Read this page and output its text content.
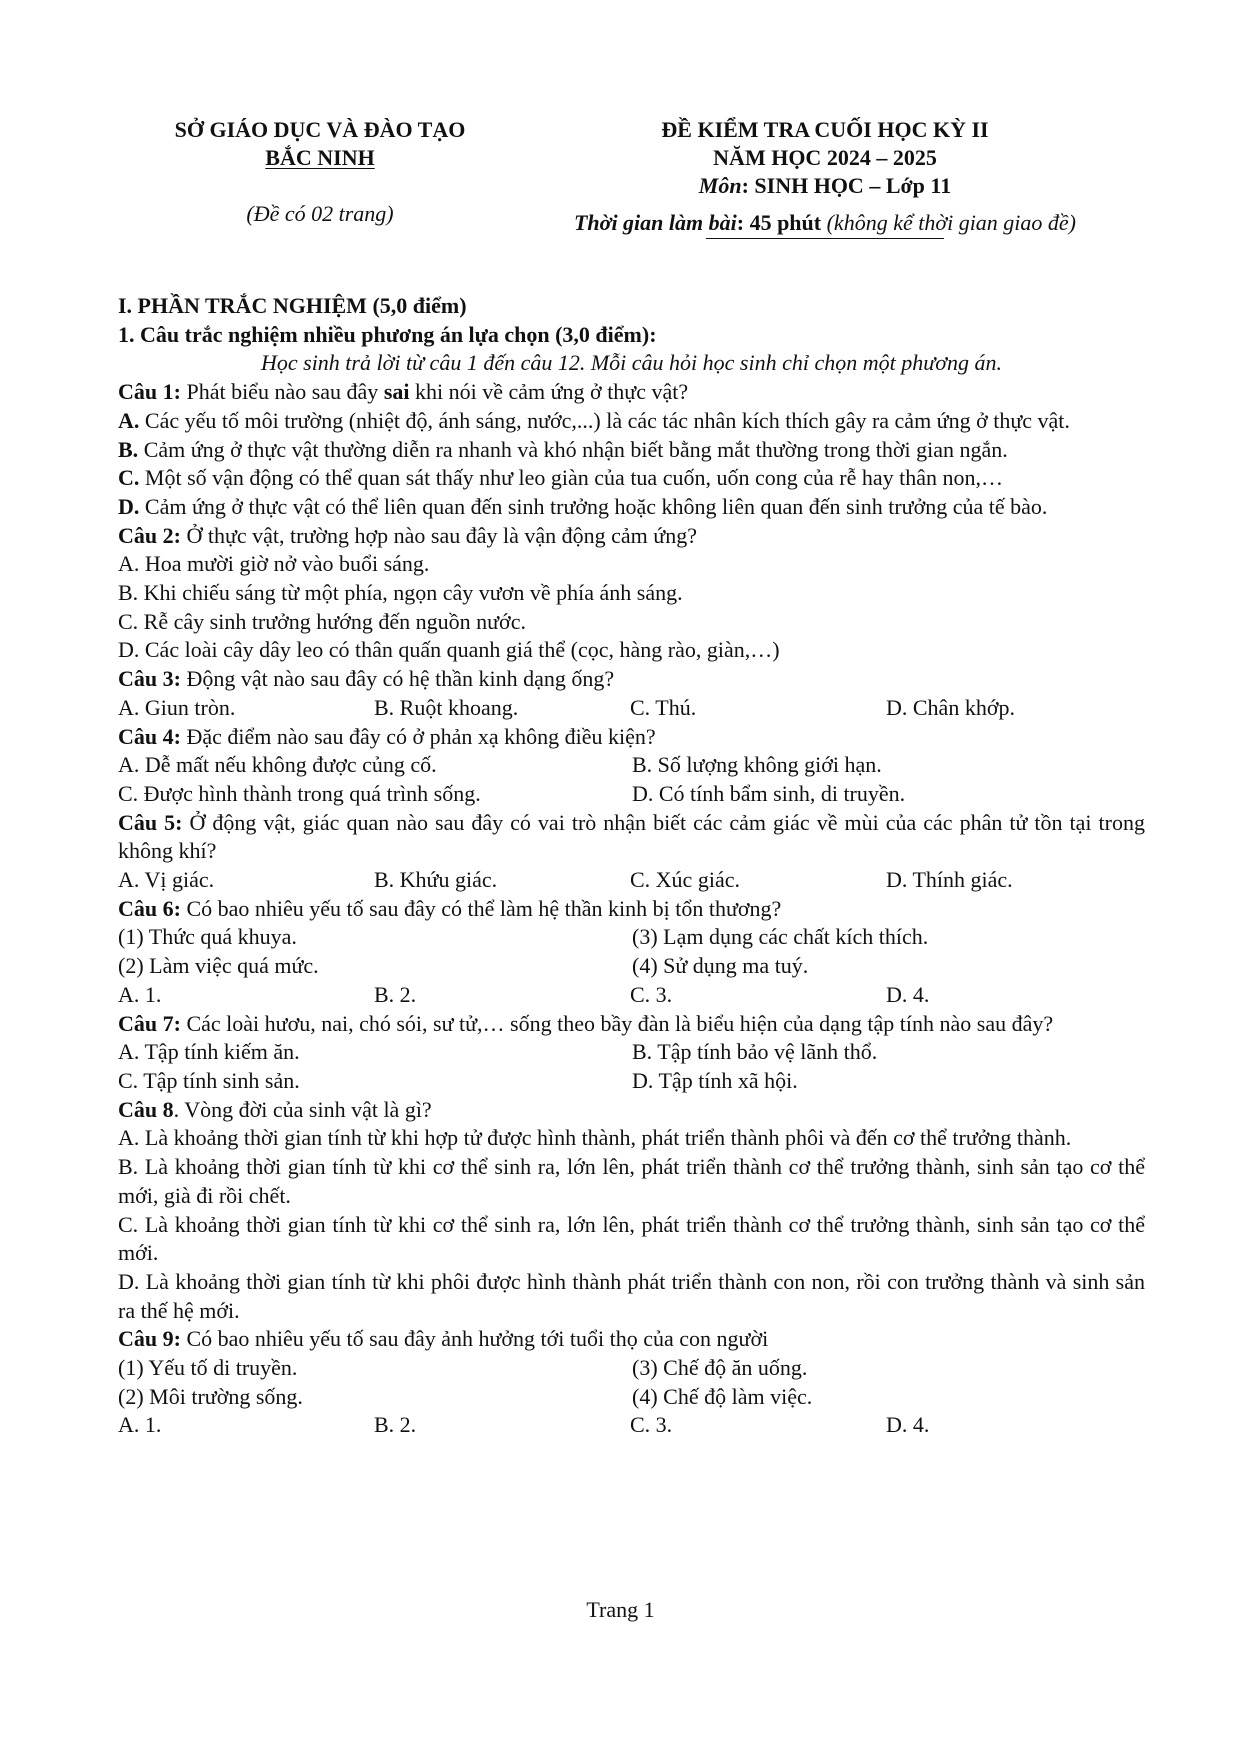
SỞ GIÁO DỤC VÀ ĐÀO TẠO
BẮC NINH
(Đề có 02 trang)
ĐỀ KIỂM TRA CUỐI HỌC KỲ II
NĂM HỌC 2024 – 2025
Môn: SINH HỌC – Lớp 11
Thời gian làm bài: 45 phút (không kể thời gian giao đề)
I. PHẦN TRẮC NGHIỆM (5,0 điểm)
1. Câu trắc nghiệm nhiều phương án lựa chọn (3,0 điểm):
Học sinh trả lời từ câu 1 đến câu 12. Mỗi câu hỏi học sinh chỉ chọn một phương án.
Câu 1: Phát biểu nào sau đây sai khi nói về cảm ứng ở thực vật?
A. Các yếu tố môi trường (nhiệt độ, ánh sáng, nước,...) là các tác nhân kích thích gây ra cảm ứng ở thực vật.
B. Cảm ứng ở thực vật thường diễn ra nhanh và khó nhận biết bằng mắt thường trong thời gian ngắn.
C. Một số vận động có thể quan sát thấy như leo giàn của tua cuốn, uốn cong của rễ hay thân non,…
D. Cảm ứng ở thực vật có thể liên quan đến sinh trưởng hoặc không liên quan đến sinh trưởng của tế bào.
Câu 2: Ở thực vật, trường hợp nào sau đây là vận động cảm ứng?
A. Hoa mười giờ nở vào buổi sáng.
B. Khi chiếu sáng từ một phía, ngọn cây vươn về phía ánh sáng.
C. Rễ cây sinh trưởng hướng đến nguồn nước.
D. Các loài cây dây leo có thân quấn quanh giá thể (cọc, hàng rào, giàn,…)
Câu 3: Động vật nào sau đây có hệ thần kinh dạng ống?
A. Giun tròn.	B. Ruột khoang.	C. Thú.	D. Chân khớp.
Câu 4: Đặc điểm nào sau đây có ở phản xạ không điều kiện?
A. Dễ mất nếu không được củng cố.	B. Số lượng không giới hạn.
C. Được hình thành trong quá trình sống.	D. Có tính bẩm sinh, di truyền.
Câu 5: Ở động vật, giác quan nào sau đây có vai trò nhận biết các cảm giác về mùi của các phân tử tồn tại trong không khí?
A. Vị giác.	B. Khứu giác.	C. Xúc giác.	D. Thính giác.
Câu 6: Có bao nhiêu yếu tố sau đây có thể làm hệ thần kinh bị tổn thương?
(1) Thức quá khuya.	(3) Lạm dụng các chất kích thích.
(2) Làm việc quá mức.	(4) Sử dụng ma tuý.
A. 1.	B. 2.	C. 3.	D. 4.
Câu 7: Các loài hươu, nai, chó sói, sư tử,… sống theo bầy đàn là biểu hiện của dạng tập tính nào sau đây?
A. Tập tính kiếm ăn.	B. Tập tính bảo vệ lãnh thổ.
C. Tập tính sinh sản.	D. Tập tính xã hội.
Câu 8. Vòng đời của sinh vật là gì?
A. Là khoảng thời gian tính từ khi hợp tử được hình thành, phát triển thành phôi và đến cơ thể trưởng thành.
B. Là khoảng thời gian tính từ khi cơ thể sinh ra, lớn lên, phát triển thành cơ thể trưởng thành, sinh sản tạo cơ thể mới, già đi rồi chết.
C. Là khoảng thời gian tính từ khi cơ thể sinh ra, lớn lên, phát triển thành cơ thể trưởng thành, sinh sản tạo cơ thể mới.
D. Là khoảng thời gian tính từ khi phôi được hình thành phát triển thành con non, rồi con trưởng thành và sinh sản ra thế hệ mới.
Câu 9: Có bao nhiêu yếu tố sau đây ảnh hưởng tới tuổi thọ của con người
(1) Yếu tố di truyền.	(3) Chế độ ăn uống.
(2) Môi trường sống.	(4) Chế độ làm việc.
A. 1.	B. 2.	C. 3.	D. 4.
Trang 1
